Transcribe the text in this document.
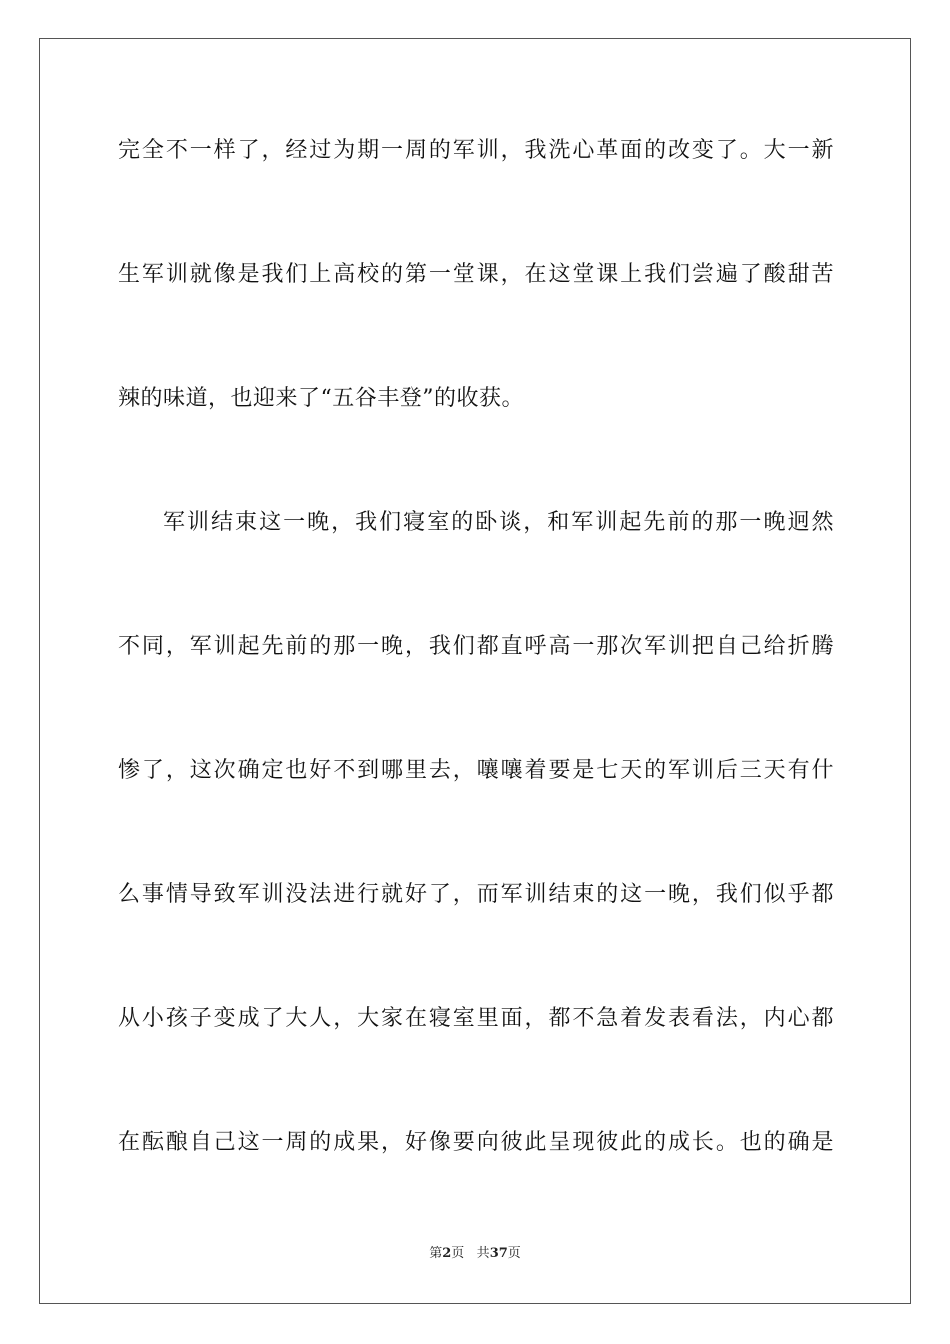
完全不一样了，经过为期一周的军训，我洗心革面的改变了。大一新
生军训就像是我们上高校的第一堂课，在这堂课上我们尝遍了酸甜苦
辣的味道，也迎来了“五谷丰登”的收获。
军训结束这一晚，我们寝室的卧谈，和军训起先前的那一晚迥然
不同，军训起先前的那一晚，我们都直呼高一那次军训把自己给折腾
惨了，这次确定也好不到哪里去，嚷嚷着要是七天的军训后三天有什
么事情导致军训没法进行就好了，而军训结束的这一晚，我们似乎都
从小孩子变成了大人，大家在寝室里面，都不急着发表看法，内心都
在酝酿自己这一周的成果，好像要向彼此呈现彼此的成长。也的确是
第2页 共37页
